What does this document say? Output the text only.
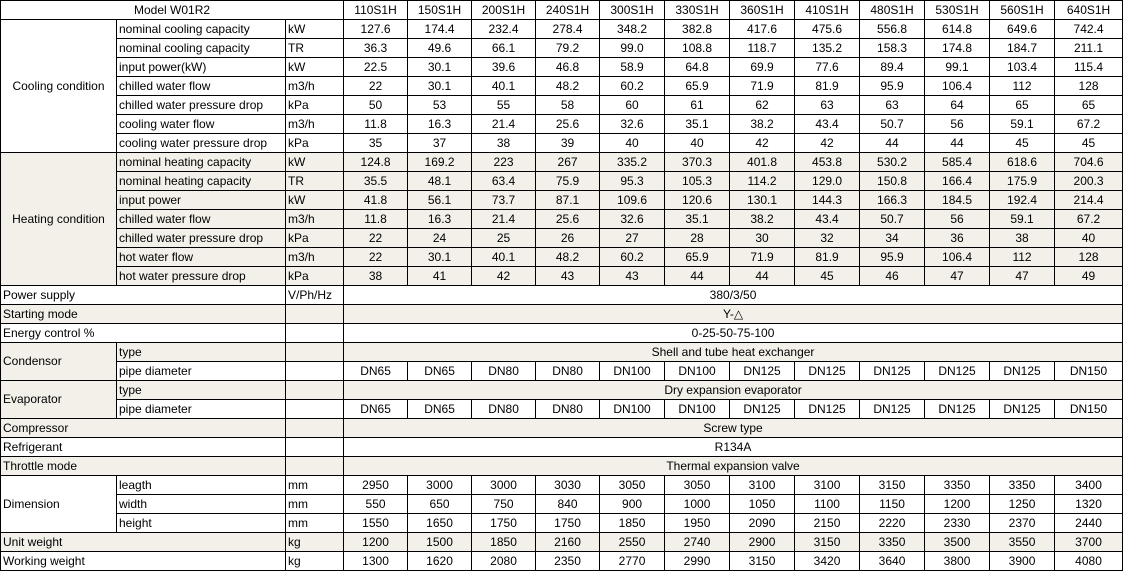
Model W01R2			110S1H	150S1H	200S1H	240S1H	300S1H	330S1H	360S1H	410S1H	480S1H	530S1H	560S1H	640S1H
Cooling condition	nominal cooling capacity	kW	127.6	174.4	232.4	278.4	348.2	382.8	417.6	475.6	556.8	614.8	649.6	742.4
	nominal cooling capacity	TR	36.3	49.6	66.1	79.2	99.0	108.8	118.7	135.2	158.3	174.8	184.7	211.1
	input power(kW)	kW	22.5	30.1	39.6	46.8	58.9	64.8	69.9	77.6	89.4	99.1	103.4	115.4
	chilled water flow	m3/h	22	30.1	40.1	48.2	60.2	65.9	71.9	81.9	95.9	106.4	112	128
	chilled water pressure drop	kPa	50	53	55	58	60	61	62	63	63	64	65	65
	cooling water flow	m3/h	11.8	16.3	21.4	25.6	32.6	35.1	38.2	43.4	50.7	56	59.1	67.2
	cooling water pressure drop	kPa	35	37	38	39	40	40	42	42	44	44	45	45
Heating condition	nominal heating capacity	kW	124.8	169.2	223	267	335.2	370.3	401.8	453.8	530.2	585.4	618.6	704.6
	nominal heating capacity	TR	35.5	48.1	63.4	75.9	95.3	105.3	114.2	129.0	150.8	166.4	175.9	200.3
	input power	kW	41.8	56.1	73.7	87.1	109.6	120.6	130.1	144.3	166.3	184.5	192.4	214.4
	chilled water flow	m3/h	11.8	16.3	21.4	25.6	32.6	35.1	38.2	43.4	50.7	56	59.1	67.2
	chilled water pressure drop	kPa	22	24	25	26	27	28	30	32	34	36	38	40
	hot water flow	m3/h	22	30.1	40.1	48.2	60.2	65.9	71.9	81.9	95.9	106.4	112	128
	hot water pressure drop	kPa	38	41	42	43	43	44	44	45	46	47	47	49
Power supply		V/Ph/Hz	380/3/50											
Starting mode			Y-△											
Energy control %			0-25-50-75-100											
Condensor	type		Shell and tube heat exchanger											
	pipe diameter		DN65	DN65	DN80	DN80	DN100	DN100	DN125	DN125	DN125	DN125	DN125	DN150
Evaporator	type		Dry expansion evaporator											
	pipe diameter		DN65	DN65	DN80	DN80	DN100	DN100	DN125	DN125	DN125	DN125	DN125	DN150
Compressor			Screw type											
Refrigerant			R134A											
Throttle mode			Thermal expansion valve											
Dimension	leagth	mm	2950	3000	3000	3030	3050	3050	3100	3100	3150	3350	3350	3400
	width	mm	550	650	750	840	900	1000	1050	1100	1150	1200	1250	1320
	height	mm	1550	1650	1750	1750	1850	1950	2090	2150	2220	2330	2370	2440
Unit weight		kg	1200	1500	1850	2160	2550	2740	2900	3150	3350	3500	3550	3700
Working weight		kg	1300	1620	2080	2350	2770	2990	3150	3420	3640	3800	3900	4080
